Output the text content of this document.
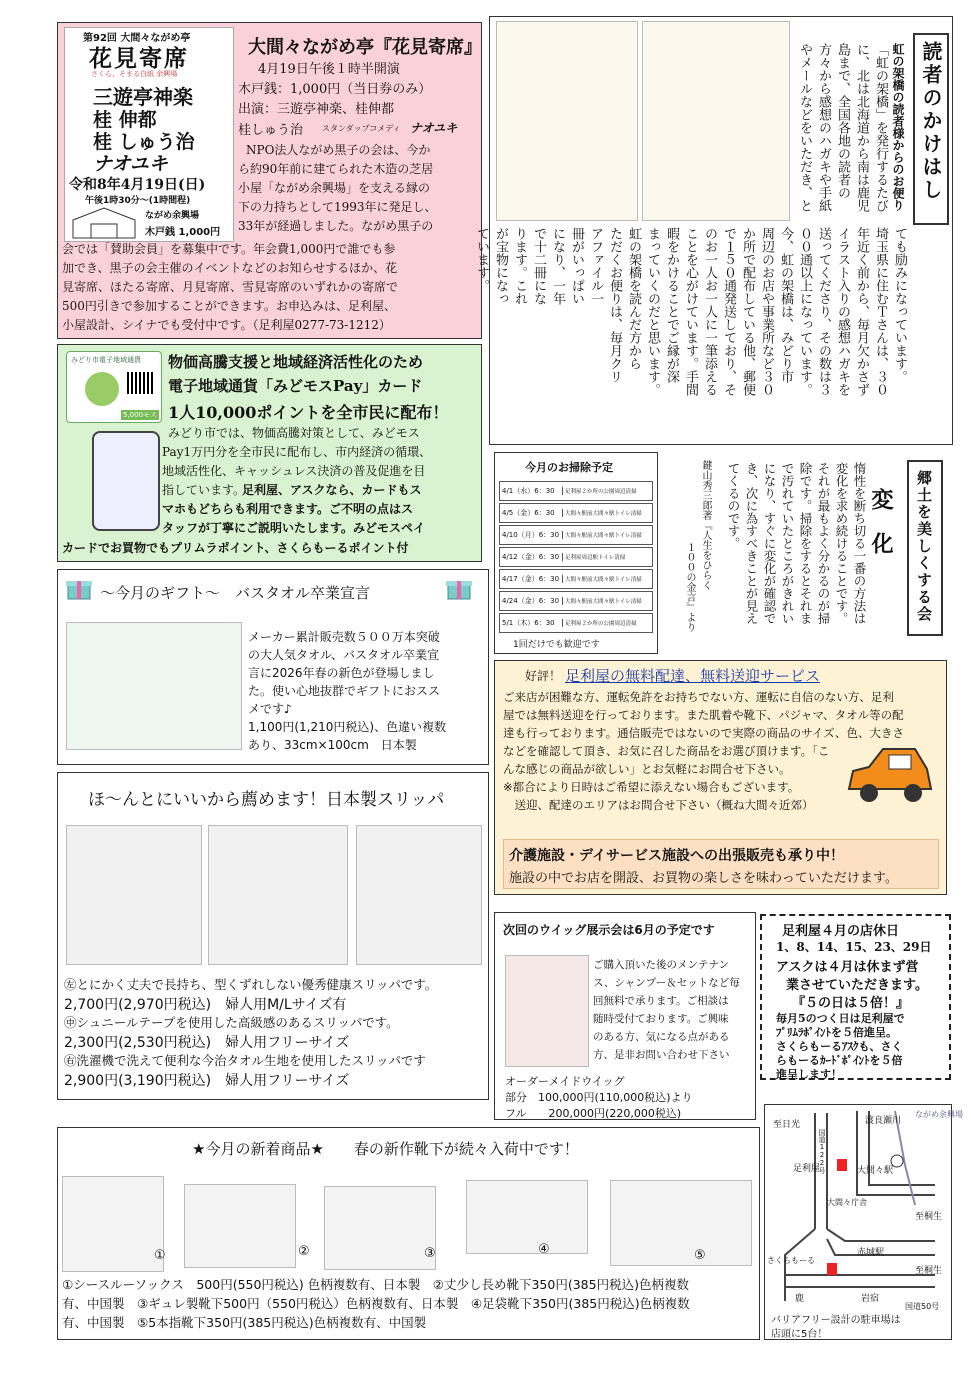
第92回 大間々ながめ亭
花見寄席
さくら、そまる白紙 余興場
三遊亭神楽
桂 伸都
桂 しゅう治
ナオユキ
令和8年4月19日(日)
午後1時30分～(1時間程)
ながめ余興場
木戸銭 1,000円
大間々ながめ亭『花見寄席』
4月19日午後１時半開演
木戸銭：1,000円（当日券のみ）
出演：三遊亭神楽、桂伸都
桂しゅう治 スタンダップコメディ ナオユキ
NPO法人ながめ黒子の会は、今か
ら約90年前に建てられた木造の芝居
小屋「ながめ余興場」を支える縁の
下の力持ちとして1993年に発足し、
33年が経過しました。ながめ黒子の
会では「賛助会員」を募集中です。年会費1,000円で誰でも参
加でき、黒子の会主催のイベントなどのお知らせするほか、花
見寄席、ほたる寄席、月見寄席、雪見寄席のいずれかの寄席で
500円引きで参加することができます。お申込みは、足利屋、
小屋設計、シイナでも受付中です。（足利屋0277-73-1212）
読者のかけはし
虹の架橋の読者様からのお便り
「虹の架橋」を発行するたび
に、北は北海道から南は鹿児
島まで、全国各地の読者の
方々から感想のハガキや手紙
やメールなどをいただき、と
ても励みになっています。
埼玉県に住むＴさんは、３０
年近く前から、毎月欠かさず
イラスト入りの感想ハガキを
送ってくださり、その数は３
００通以上になっています。
今、虹の架橋は、みどり市
周辺のお店や事業所など３０
か所で配布している他、郵便
で１５０通発送しており、そ
のお一人お一人に一筆添える
ことを心がけています。手間
暇をかけることでご縁が深
まっていくのだと思います。
虹の架橋を読んだ方から
ただくお便りは、毎月クリ
アファイル一
冊がいっぱい
になり、一年
で十二冊にな
ります。これ
が宝物になっ
ています。
みどり市電子地域通貨
5,000モス
物価高騰支援と地域経済活性化のため
電子地域通貨「みどモスPay」カード
1人10,000ポイントを全市民に配布！
みどり市では、物価高騰対策として、みどモス
Pay1万円分を全市民に配布し、市内経済の循環、
地域活性化、キャッシュレス決済の普及促進を目
指しています。
足利屋、アスクなら、カードもス
マホもどちらも利用できます。ご不明の点はス
タッフが丁寧にご説明いたします。みどモスペイ
カードでお買物でもプリムラポイント、さくらもーるポイント付
～今月のギフト～　バスタオル卒業宣言
メーカー累計販売数５００万本突破
の大人気タオル、バスタオル卒業宣
言に2026年春の新色が登場しまし
た。使い心地抜群でギフトにおスス
メです♪
1,100円(1,210円税込)、色違い複数
あり、33cm×100cm　日本製
今月のお掃除予定
4/1（水）6：30	足利屋２か所の公園周辺清掃
4/5（金）6：30	大間々駅前大間々駅トイレ清掃
4/10（月）6：30	大間々駅前大間々駅トイレ清掃
4/12（金）6：30	足利屋周辺駅トイレ清掃
4/17（金）6：30	大間々駅前大間々駅トイレ清掃
4/24（金）6：30	大間々駅前大間々駅トイレ清掃
5/1（木）6：30	足利屋２か所の公園周辺清掃
1回だけでも歓迎です
郷土を美しくする会
変　化
惰性を断ち切る一番の方法は
変化を求め続けることです。
それが最もよく分かるのが掃
除です。掃除をするとそれま
で汚れていたところがきれい
になり、すぐに変化が確認で
き、次に為すべきことが見え
てくるのです。
鍵山秀三郎著『人生をひらく
１００の金言』より
好評！ 足利屋の無料配達、無料送迎サービス
ご来店が困難な方、運転免許をお持ちでない方、運転に自信のない方、足利
屋では無料送迎を行っております。また肌着や靴下、パジャマ、タオル等の配
達も行っております。通信販売ではないので実際の商品のサイズ、色、大きさ
などを確認して頂き、お気に召した商品をお選び頂けます。「こ
んな感じの商品が欲しい」とお気軽にお問合せ下さい。
※都合により日時はご希望に添えない場合もございます。
　送迎、配達のエリアはお問合せ下さい（概ね大間々近郊）
介護施設・デイサービス施設への出張販売も承り中！
施設の中でお店を開設、お買物の楽しさを味わっていただけます。
ほ～んとにいいから薦めます！日本製スリッパ
㊧とにかく丈夫で長持ち、型くずれしない優秀健康スリッパです。
2,700円(2,970円税込)　婦人用M/Lサイズ有
㊥シュニールテープを使用した高級感のあるスリッパです。
2,300円(2,530円税込)　婦人用フリーサイズ
㊨洗濯機で洗えて便利な今治タオル生地を使用したスリッパです
2,900円(3,190円税込)　婦人用フリーサイズ
次回のウイッグ展示会は6月の予定です
ご購入頂いた後のメンテナン
ス、シャンプー＆セットなど毎
回無料で承ります。ご相談は
随時受付ております。ご興味
のある方、気になる点がある
方、是非お問い合わせ下さい
オーダーメイドウイッグ
部分　100,000円(110,000税込)より
フル　　200,000円(220,000税込)
足利屋４月の店休日
1、8、14、15、23、29日
アスクは４月は休まず営
業させていただきます。
『５の日は５倍！』
毎月5のつく日は足利屋で
ﾌﾟﾘﾑﾗﾎﾟｲﾝﾄを５倍進呈。
さくらもーるｱｽｸも、さく
らもーるｶｰﾄﾞﾎﾟｲﾝﾄを５倍
進呈します！
至日光	渡良瀬川
ながめ余興場
足利屋	大間々駅
大間々庁舎
赤城駅
さくらもーる
至桐生
至桐生
鹿	岩宿
国道50号
国道122号
バリアフリー設計の駐車場は
店頭に5台！
★今月の新着商品★　　春の新作靴下が続々入荷中です！
①	②	③	④	⑤
①シースルーソックス　500円(550円税込) 色柄複数有、日本製　②丈少し長め靴下350円(385円税込)色柄複数
有、中国製　③ギュレ製靴下500円（550円税込）色柄複数有、日本製　④足袋靴下350円(385円税込)色柄複数
有、中国製　⑤5本指靴下350円(385円税込)色柄複数有、中国製
